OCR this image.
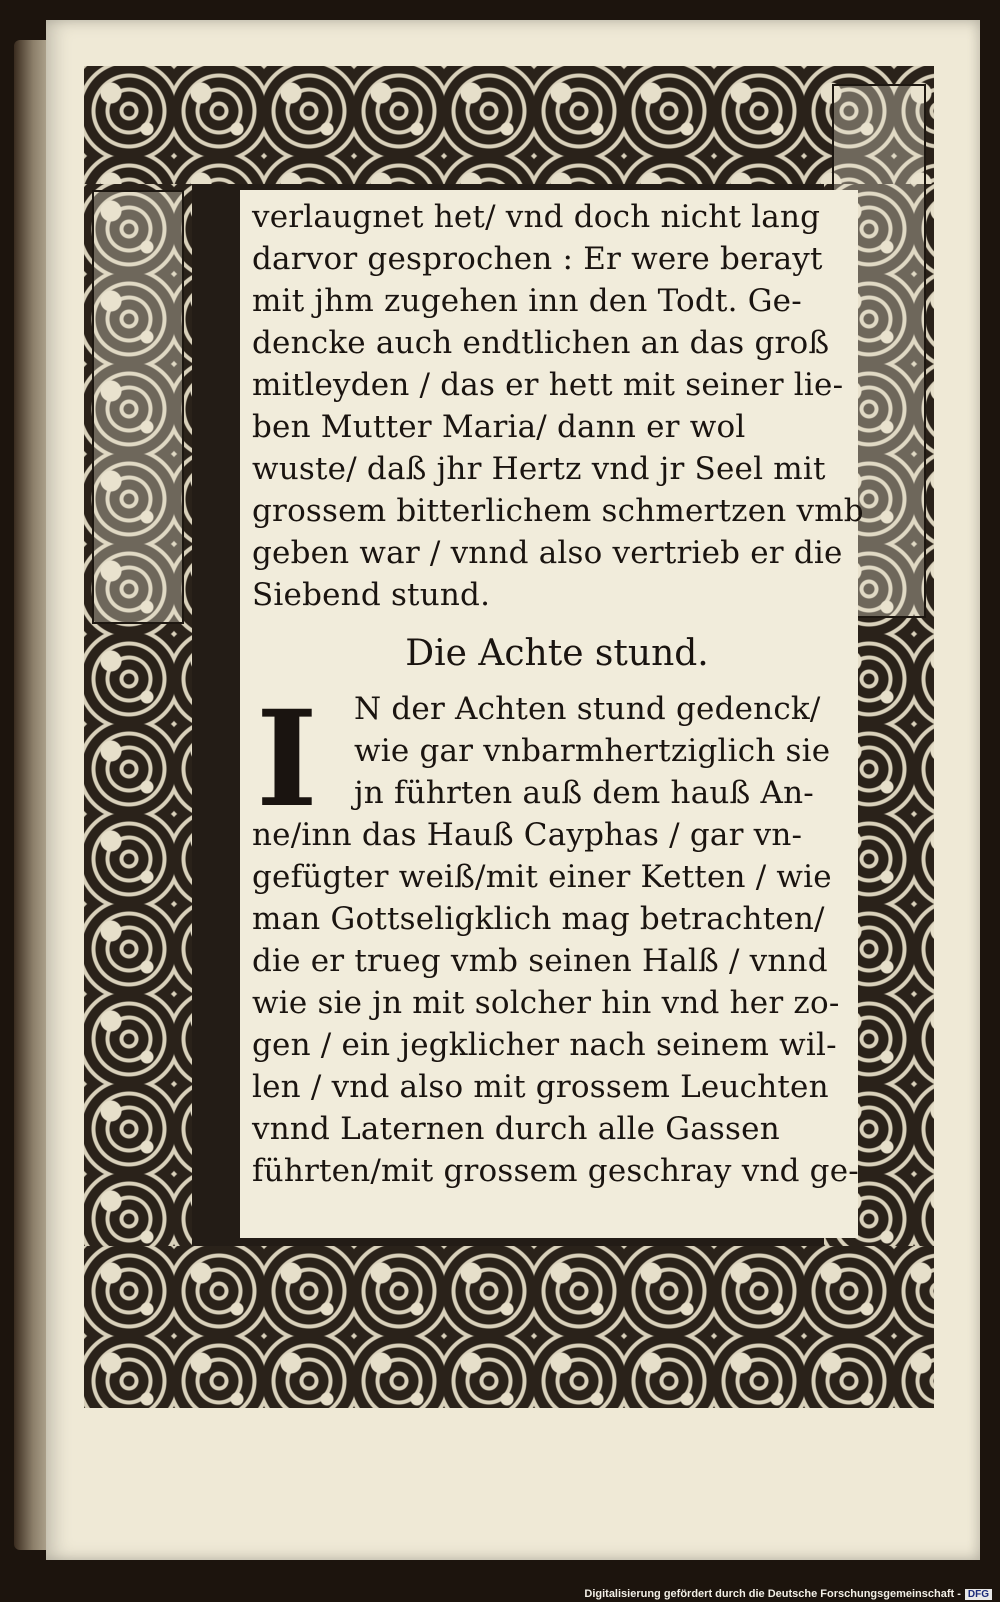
verlaugnet het/ vnd doch nicht lang
darvor gesprochen : Er were berayt
mit jhm zugehen inn den Todt. Ge-
dencke auch endtlichen an das groß
mitleyden / das er hett mit seiner lie-
ben Mutter Maria/ dann er wol
wuste/ daß jhr Hertz vnd jr Seel mit
grossem bitterlichem schmertzen vmb
geben war / vnnd also vertrieb er die
Siebend stund.
Die Achte stund.
I	N der Achten stund gedenck/
wie gar vnbarmhertziglich sie
jn führten auß dem hauß An-
ne/inn das Hauß Cayphas / gar vn-
gefügter weiß/mit einer Ketten / wie
man Gottseligklich mag betrachten/
die er trueg vmb seinen Halß / vnnd
wie sie jn mit solcher hin vnd her zo-
gen / ein jegklicher nach seinem wil-
len / vnd also mit grossem Leuchten
vnnd Laternen durch alle Gassen
führten/mit grossem geschray vnd ge-
Digitalisierung gefördert durch die Deutsche Forschungsgemeinschaft - DFG
